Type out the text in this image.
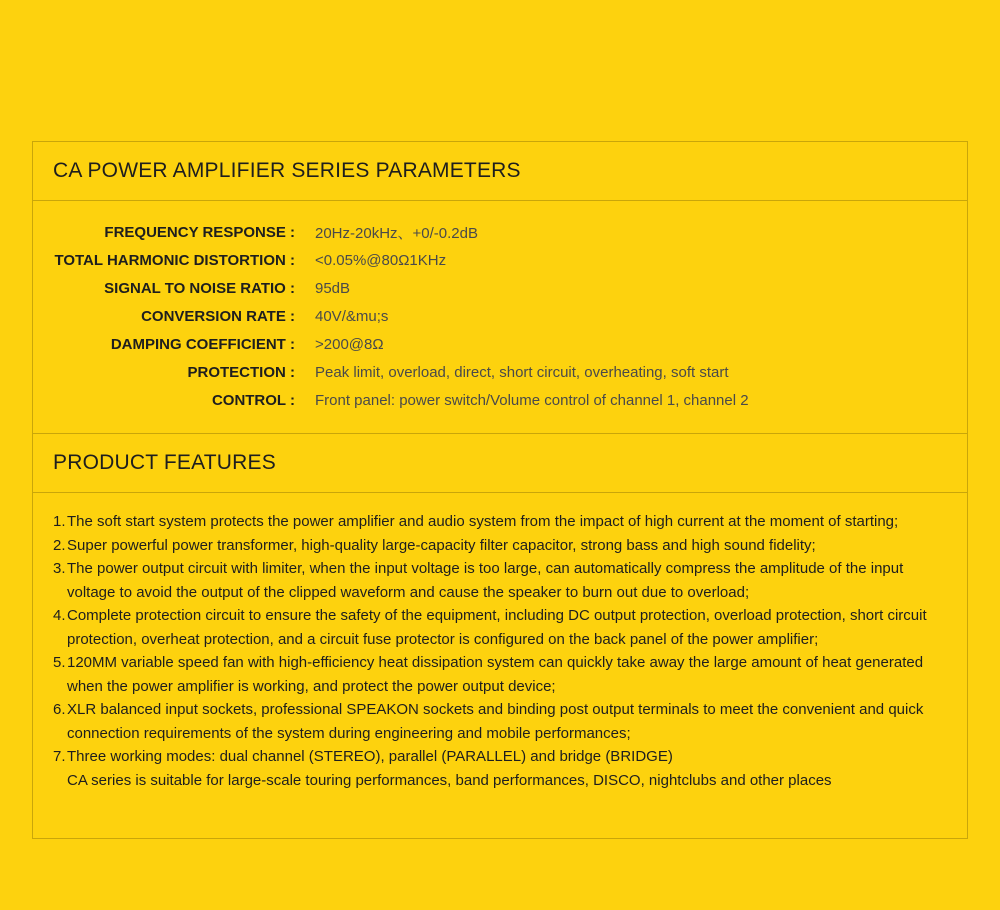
CA POWER AMPLIFIER SERIES PARAMETERS
FREQUENCY RESPONSE :	20Hz-20kHz、+0/-0.2dB
TOTAL HARMONIC DISTORTION :	<0.05%@80Ω1KHz
SIGNAL TO NOISE RATIO :	95dB
CONVERSION RATE :	40V/&mu;s
DAMPING COEFFICIENT :	>200@8Ω
PROTECTION :	Peak limit, overload, direct, short circuit, overheating, soft start
CONTROL :	Front panel: power switch/Volume control of channel 1, channel 2
PRODUCT FEATURES
1. The soft start system protects the power amplifier and audio system from the impact of high current at the moment of starting;
2. Super powerful power transformer, high-quality large-capacity filter capacitor, strong bass and high sound fidelity;
3. The power output circuit with limiter, when the input voltage is too large, can automatically compress the amplitude of the input voltage to avoid the output of the clipped waveform and cause the speaker to burn out due to overload;
4. Complete protection circuit to ensure the safety of the equipment, including DC output protection, overload protection, short circuit protection, overheat protection, and a circuit fuse protector is configured on the back panel of the power amplifier;
5. 120MM variable speed fan with high-efficiency heat dissipation system can quickly take away the large amount of heat generated when the power amplifier is working, and protect the power output device;
6. XLR balanced input sockets, professional SPEAKON sockets and binding post output terminals to meet the convenient and quick connection requirements of the system during engineering and mobile performances;
7. Three working modes: dual channel (STEREO), parallel (PARALLEL) and bridge (BRIDGE)
CA series is suitable for large-scale touring performances, band performances, DISCO, nightclubs and other places
